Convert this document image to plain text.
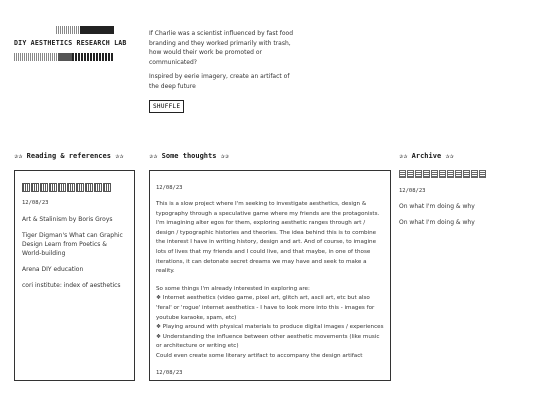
DIY AESTHETICS RESEARCH LAB

If Charlie was a scientist influenced by fast food branding and they worked primarily with trash, how would their work be promoted or communicated?

Inspired by eerie imagery, create an artifact of the deep future

SHUFFLE
✰✰ Reading & references ✰✰	✰✰ Some thoughts ✰✰	✰✰ Archive ✰✰
12/08/23
Art & Stalinism by Boris Groys
Tiger Digman's What can Graphic Design Learn from Poetics & World-building
Arena DIY education
cori institute: index of aesthetics
12/08/23

This is a slow project where I'm seeking to investigate aesthetics, design & typography through a speculative game where my friends are the protagonists. I'm imagining alter egos for them, exploring aesthetic ranges through art / design / typographic histories and theories. The idea behind this is to combine the interest I have in writing history, design and art. And of course, to imagine lots of lives that my friends and I could live, and that maybe, in one of those iterations, it can detonate secret dreams we may have and seek to make a reality.

So some things I'm already interested in exploring are:
❖ Internet aesthetics (video game, pixel art, glitch art, ascii art, etc but also 'feral' or 'rogue' internet aesthetics - I have to look more into this - images for youtube karaoke, spam, etc)
❖ Playing around with physical materials to produce digital images / experiences
❖ Understanding the influence between other aesthetic movements (like music or architecture or writing etc)
Could even create some literary artifact to accompany the design artifact
12/08/23
12/08/23
On what I'm doing & why
On what I'm doing & why
